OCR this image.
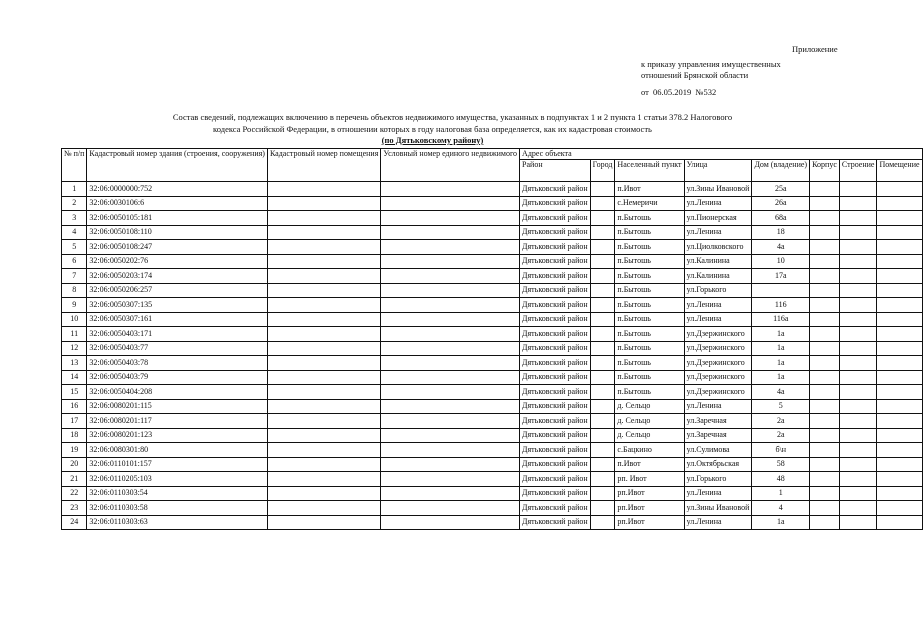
Приложение
к приказу управления имущественных
отношений Брянской области
от 06.05.2019 №532
Состав сведений, подлежащих включению в перечень объектов недвижимого имущества, указанных в подпунктах 1 и 2 пункта 1 статьи 378.2 Налогового
кодекса Российской Федерации, в отношении которых в году налоговая база определяется, как их кадастровая стоимость
(по Дятьковскому району)
№ п/п	Кадастровый номер здания (строения, сооружения)	Кадастровый номер помещения	Условный номер единого недвижимого	Адрес объекта							
				Район	Город	Населенный пункт	Улица	Дом (владение)	Корпус	Строение	Помещение
1	32:06:0000000:752			Дятьковский район		п.Ивот	ул.Зины Ивановой	25а			
2	32:06:0030106:6			Дятьковский район		с.Немеричи	ул.Ленина	26а			
3	32:06:0050105:181			Дятьковский район		п.Бытошь	ул.Пионерская	68а			
4	32:06:0050108:110			Дятьковский район		п.Бытошь	ул.Ленина	18			
5	32:06:0050108:247			Дятьковский район		п.Бытошь	ул.Циолковского	4а			
6	32:06:0050202:76			Дятьковский район		п.Бытошь	ул.Калинина	10			
7	32:06:0050203:174			Дятьковский район		п.Бытошь	ул.Калинина	17а			
8	32:06:0050206:257			Дятьковский район		п.Бытошь	ул.Горького				
9	32:06:0050307:135			Дятьковский район		п.Бытошь	ул.Ленина	116			
10	32:06:0050307:161			Дятьковский район		п.Бытошь	ул.Ленина	116а			
11	32:06:0050403:171			Дятьковский район		п.Бытошь	ул.Дзержинского	1а			
12	32:06:0050403:77			Дятьковский район		п.Бытошь	ул.Дзержинского	1а			
13	32:06:0050403:78			Дятьковский район		п.Бытошь	ул.Дзержинского	1а			
14	32:06:0050403:79			Дятьковский район		п.Бытошь	ул.Дзержинского	1а			
15	32:06:0050404:208			Дятьковский район		п.Бытошь	ул.Дзержинского	4а			
16	32:06:0080201:115			Дятьковский район		д. Сельцо	ул.Ленина	5			
17	32:06:0080201:117			Дятьковский район		д. Сельцо	ул.Заречная	2а			
18	32:06:0080201:123			Дятьковский район		д. Сельцо	ул.Заречная	2а			
19	32:06:0080301:80			Дятьковский район		с.Бацкино	ул.Сулимова	б\н			
20	32:06:0110101:157			Дятьковский район		п.Ивот	ул.Октябрьская	58			
21	32:06:0110205:103			Дятьковский район		рп. Ивот	ул.Горького	48			
22	32:06:0110303:54			Дятьковский район		рп.Ивот	ул.Ленина	1			
23	32:06:0110303:58			Дятьковский район		рп.Ивот	ул.Зины Ивановой	4			
24	32:06:0110303:63			Дятьковский район		рп.Ивот	ул.Ленина	1а			
